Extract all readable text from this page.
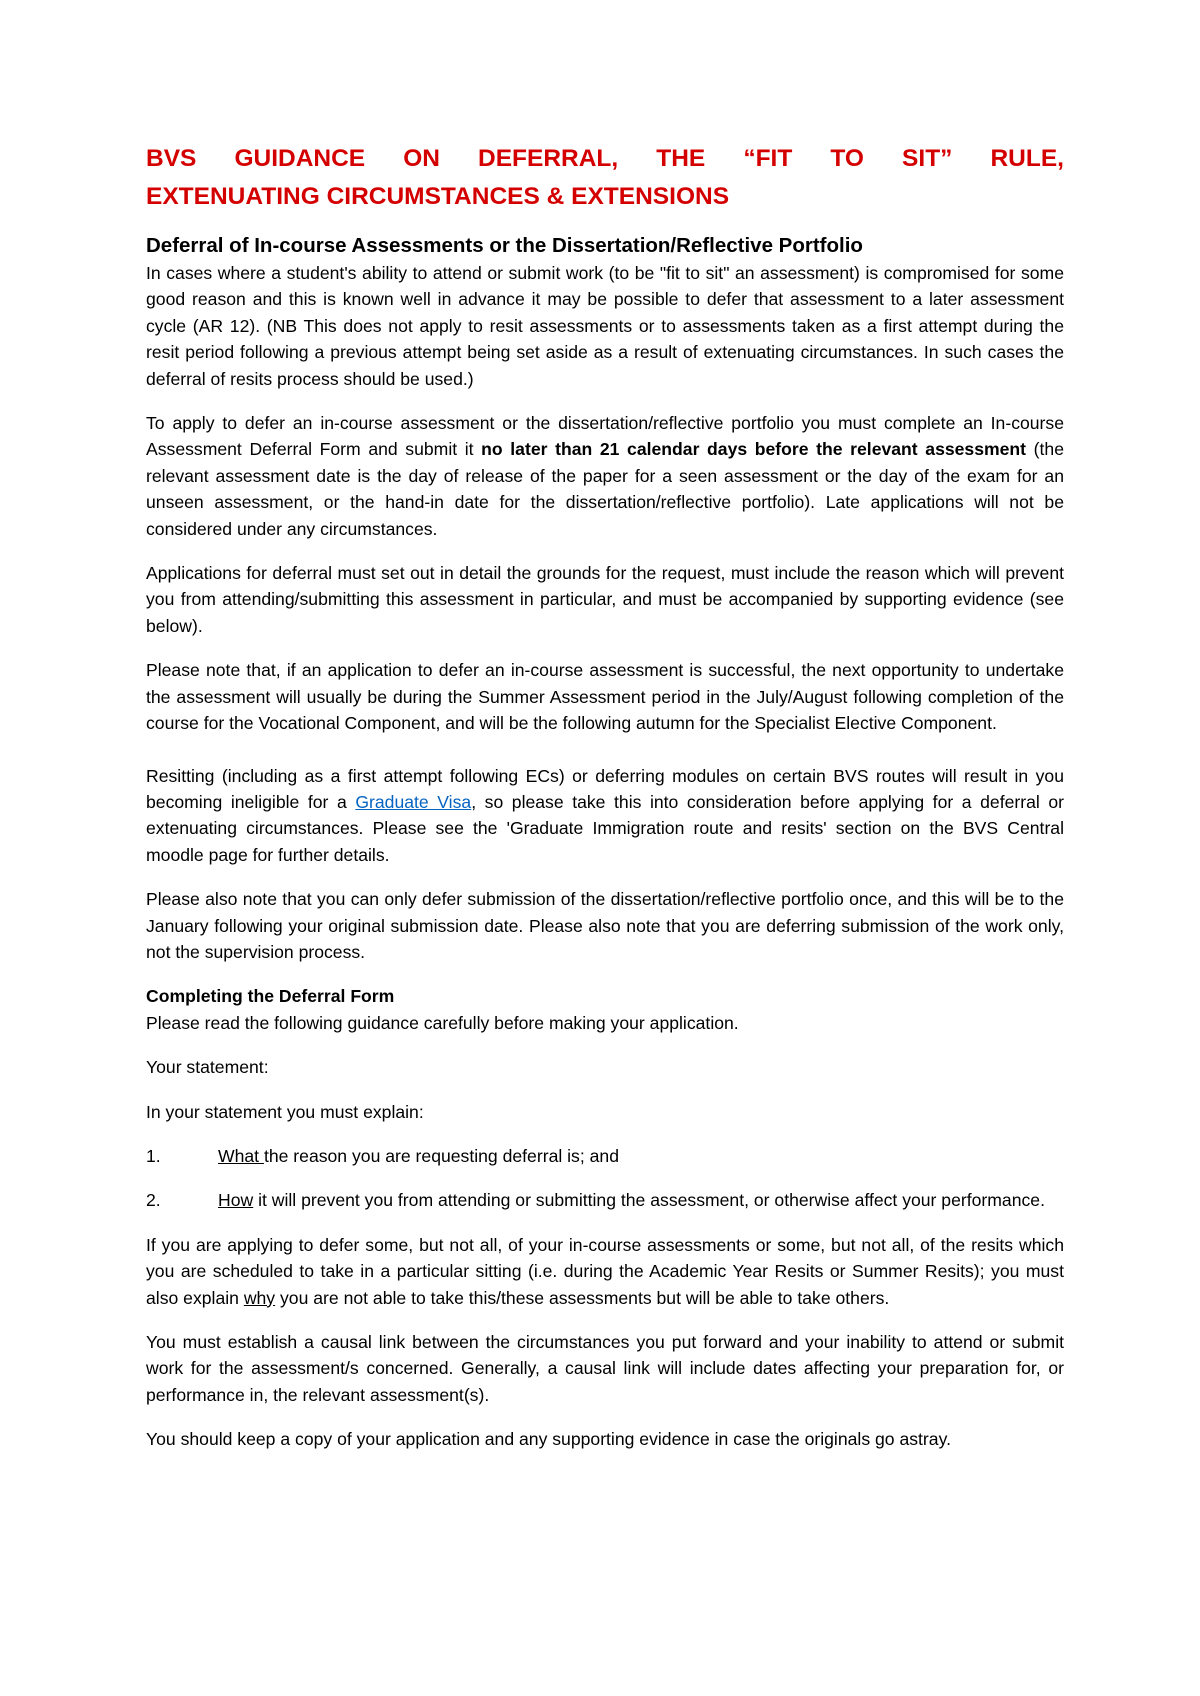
BVS GUIDANCE ON DEFERRAL, THE “FIT TO SIT” RULE,
EXTENUATING CIRCUMSTANCES & EXTENSIONS
Deferral of In-course Assessments or the Dissertation/Reflective Portfolio

In cases where a student's ability to attend or submit work (to be "fit to sit" an assessment) is compromised for some good reason and this is known well in advance it may be possible to defer that assessment to a later assessment cycle (AR 12). (NB This does not apply to resit assessments or to assessments taken as a first attempt during the resit period following a previous attempt being set aside as a result of extenuating circumstances. In such cases the deferral of resits process should be used.)

To apply to defer an in-course assessment or the dissertation/reflective portfolio you must complete an In-course Assessment Deferral Form and submit it no later than 21 calendar days before the relevant assessment (the relevant assessment date is the day of release of the paper for a seen assessment or the day of the exam for an unseen assessment, or the hand-in date for the dissertation/reflective portfolio). Late applications will not be considered under any circumstances.

Applications for deferral must set out in detail the grounds for the request, must include the reason which will prevent you from attending/submitting this assessment in particular, and must be accompanied by supporting evidence (see below).

Please note that, if an application to defer an in-course assessment is successful, the next opportunity to undertake the assessment will usually be during the Summer Assessment period in the July/August following completion of the course for the Vocational Component, and will be the following autumn for the Specialist Elective Component.

Resitting (including as a first attempt following ECs) or deferring modules on certain BVS routes will result in you becoming ineligible for a Graduate Visa, so please take this into consideration before applying for a deferral or extenuating circumstances. Please see the 'Graduate Immigration route and resits' section on the BVS Central moodle page for further details.

Please also note that you can only defer submission of the dissertation/reflective portfolio once, and this will be to the January following your original submission date. Please also note that you are deferring submission of the work only, not the supervision process.

Completing the Deferral Form

Please read the following guidance carefully before making your application.

Your statement:

In your statement you must explain:

1.	What the reason you are requesting deferral is; and
2.	How it will prevent you from attending or submitting the assessment, or otherwise affect your performance.

If you are applying to defer some, but not all, of your in-course assessments or some, but not all, of the resits which you are scheduled to take in a particular sitting (i.e. during the Academic Year Resits or Summer Resits); you must also explain why you are not able to take this/these assessments but will be able to take others.

You must establish a causal link between the circumstances you put forward and your inability to attend or submit work for the assessment/s concerned. Generally, a causal link will include dates affecting your preparation for, or performance in, the relevant assessment(s).

You should keep a copy of your application and any supporting evidence in case the originals go astray.
